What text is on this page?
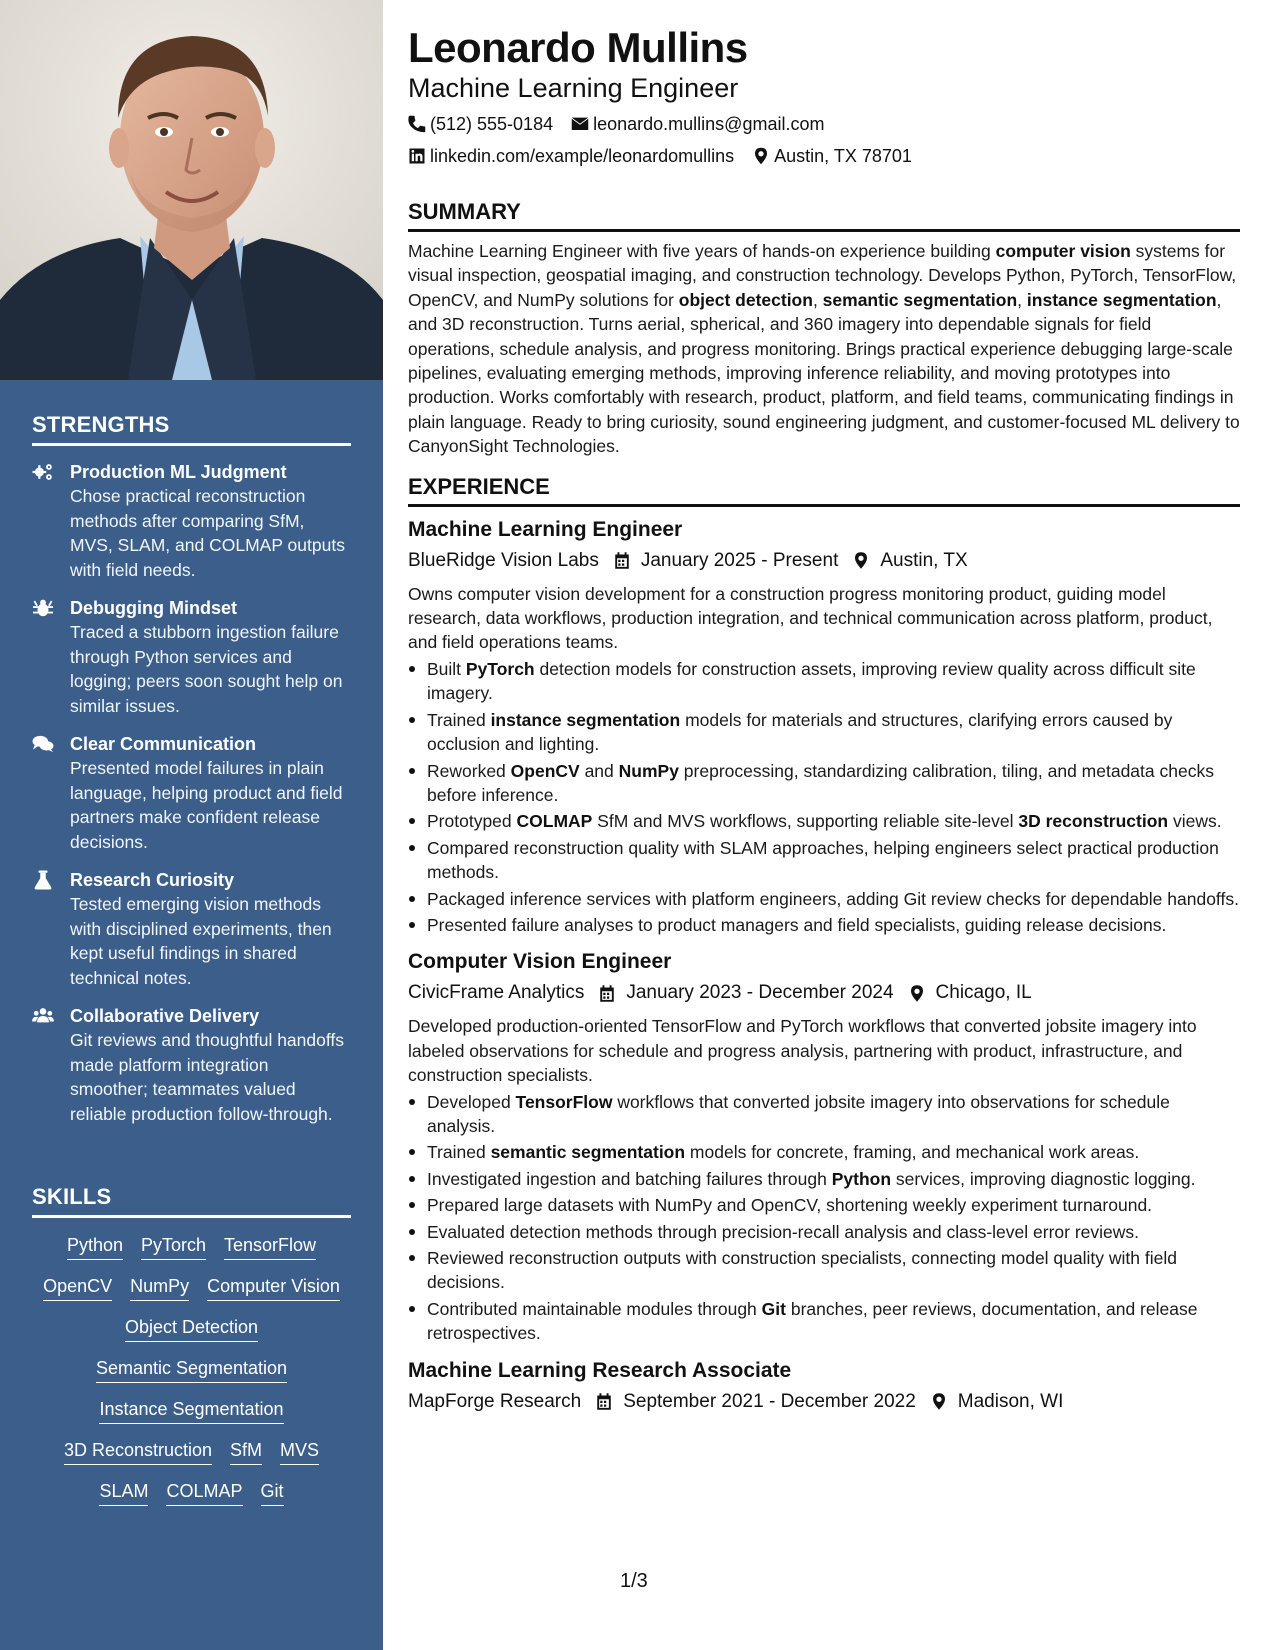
STRENGTHS
Production ML Judgment
Chose practical reconstruction methods after comparing SfM, MVS, SLAM, and COLMAP outputs with field needs.
Debugging Mindset
Traced a stubborn ingestion failure through Python services and logging; peers soon sought help on similar issues.
Clear Communication
Presented model failures in plain language, helping product and field partners make confident release decisions.
Research Curiosity
Tested emerging vision methods with disciplined experiments, then kept useful findings in shared technical notes.
Collaborative Delivery
Git reviews and thoughtful handoffs made platform integration smoother; teammates valued reliable production follow-through.
SKILLS
Python PyTorch TensorFlow
OpenCV NumPy Computer Vision
Object Detection
Semantic Segmentation
Instance Segmentation
3D Reconstruction SfM MVS
SLAM COLMAP Git
Leonardo Mullins
Machine Learning Engineer
(512) 555-0184 leonardo.mullins@gmail.com
linkedin.com/example/leonardomullins Austin, TX 78701
SUMMARY
Machine Learning Engineer with five years of hands-on experience building computer vision systems for visual inspection, geospatial imaging, and construction technology. Develops Python, PyTorch, TensorFlow, OpenCV, and NumPy solutions for object detection, semantic segmentation, instance segmentation, and 3D reconstruction. Turns aerial, spherical, and 360 imagery into dependable signals for field operations, schedule analysis, and progress monitoring. Brings practical experience debugging large-scale pipelines, evaluating emerging methods, improving inference reliability, and moving prototypes into production. Works comfortably with research, product, platform, and field teams, communicating findings in plain language. Ready to bring curiosity, sound engineering judgment, and customer-focused ML delivery to CanyonSight Technologies.
EXPERIENCE
Machine Learning Engineer
BlueRidge Vision Labs January 2025 - Present Austin, TX
Owns computer vision development for a construction progress monitoring product, guiding model research, data workflows, production integration, and technical communication across platform, product, and field operations teams.
Built PyTorch detection models for construction assets, improving review quality across difficult site imagery.
Trained instance segmentation models for materials and structures, clarifying errors caused by occlusion and lighting.
Reworked OpenCV and NumPy preprocessing, standardizing calibration, tiling, and metadata checks before inference.
Prototyped COLMAP SfM and MVS workflows, supporting reliable site-level 3D reconstruction views.
Compared reconstruction quality with SLAM approaches, helping engineers select practical production methods.
Packaged inference services with platform engineers, adding Git review checks for dependable handoffs.
Presented failure analyses to product managers and field specialists, guiding release decisions.
Computer Vision Engineer
CivicFrame Analytics January 2023 - December 2024 Chicago, IL
Developed production-oriented TensorFlow and PyTorch workflows that converted jobsite imagery into labeled observations for schedule and progress analysis, partnering with product, infrastructure, and construction specialists.
Developed TensorFlow workflows that converted jobsite imagery into observations for schedule analysis.
Trained semantic segmentation models for concrete, framing, and mechanical work areas.
Investigated ingestion and batching failures through Python services, improving diagnostic logging.
Prepared large datasets with NumPy and OpenCV, shortening weekly experiment turnaround.
Evaluated detection methods through precision-recall analysis and class-level error reviews.
Reviewed reconstruction outputs with construction specialists, connecting model quality with field decisions.
Contributed maintainable modules through Git branches, peer reviews, documentation, and release retrospectives.
Machine Learning Research Associate
MapForge Research September 2021 - December 2022 Madison, WI
1/3
